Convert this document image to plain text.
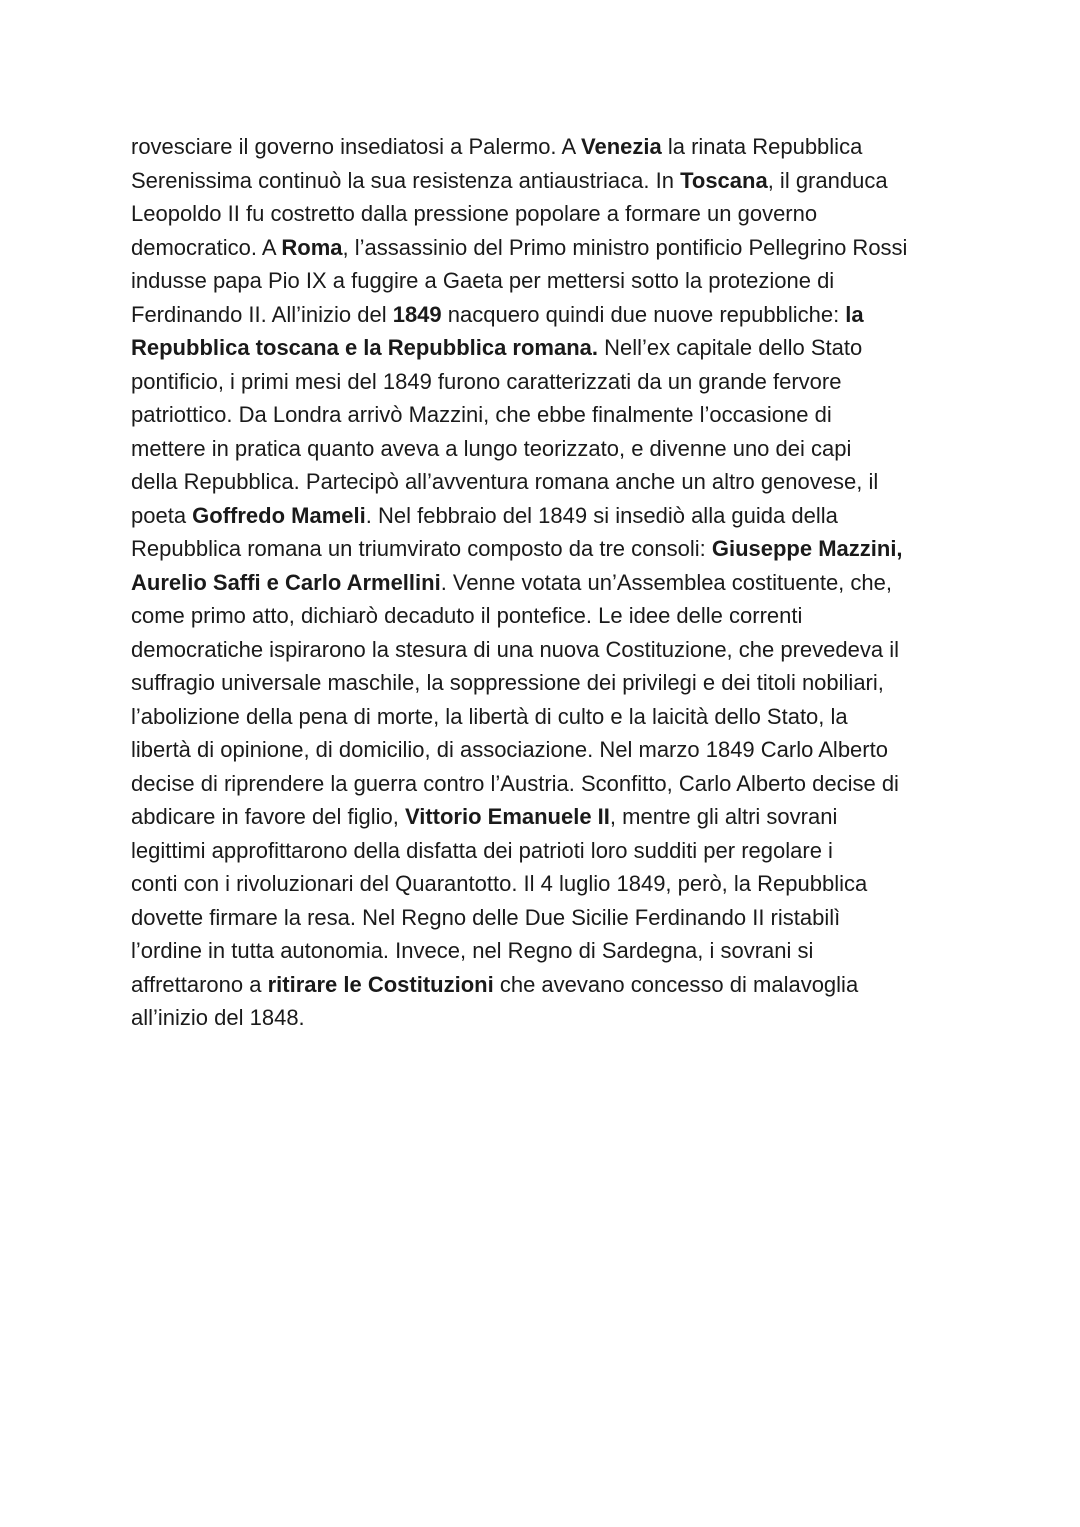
rovesciare il governo insediatosi a Palermo. A Venezia la rinata Repubblica
Serenissima continuò la sua resistenza antiaustriaca. In Toscana, il granduca
Leopoldo II fu costretto dalla pressione popolare a formare un governo
democratico. A Roma, l’assassinio del Primo ministro pontificio Pellegrino Rossi
indusse papa Pio IX a fuggire a Gaeta per mettersi sotto la protezione di
Ferdinando II. All’inizio del 1849 nacquero quindi due nuove repubbliche: la
Repubblica toscana e la Repubblica romana. Nell’ex capitale dello Stato
pontificio, i primi mesi del 1849 furono caratterizzati da un grande fervore
patriottico. Da Londra arrivò Mazzini, che ebbe finalmente l’occasione di
mettere in pratica quanto aveva a lungo teorizzato, e divenne uno dei capi
della Repubblica. Partecipò all’avventura romana anche un altro genovese, il
poeta Goffredo Mameli. Nel febbraio del 1849 si insediò alla guida della
Repubblica romana un triumvirato composto da tre consoli: Giuseppe Mazzini,
Aurelio Saffi e Carlo Armellini. Venne votata un’Assemblea costituente, che,
come primo atto, dichiarò decaduto il pontefice. Le idee delle correnti
democratiche ispirarono la stesura di una nuova Costituzione, che prevedeva il
suffragio universale maschile, la soppressione dei privilegi e dei titoli nobiliari,
l’abolizione della pena di morte, la libertà di culto e la laicità dello Stato, la
libertà di opinione, di domicilio, di associazione. Nel marzo 1849 Carlo Alberto
decise di riprendere la guerra contro l’Austria. Sconfitto, Carlo Alberto decise di
abdicare in favore del figlio, Vittorio Emanuele II, mentre gli altri sovrani
legittimi approfittarono della disfatta dei patrioti loro sudditi per regolare i
conti con i rivoluzionari del Quarantotto. Il 4 luglio 1849, però, la Repubblica
dovette firmare la resa. Nel Regno delle Due Sicilie Ferdinando II ristabilì
l’ordine in tutta autonomia. Invece, nel Regno di Sardegna, i sovrani si
affrettarono a ritirare le Costituzioni che avevano concesso di malavoglia
all’inizio del 1848.
